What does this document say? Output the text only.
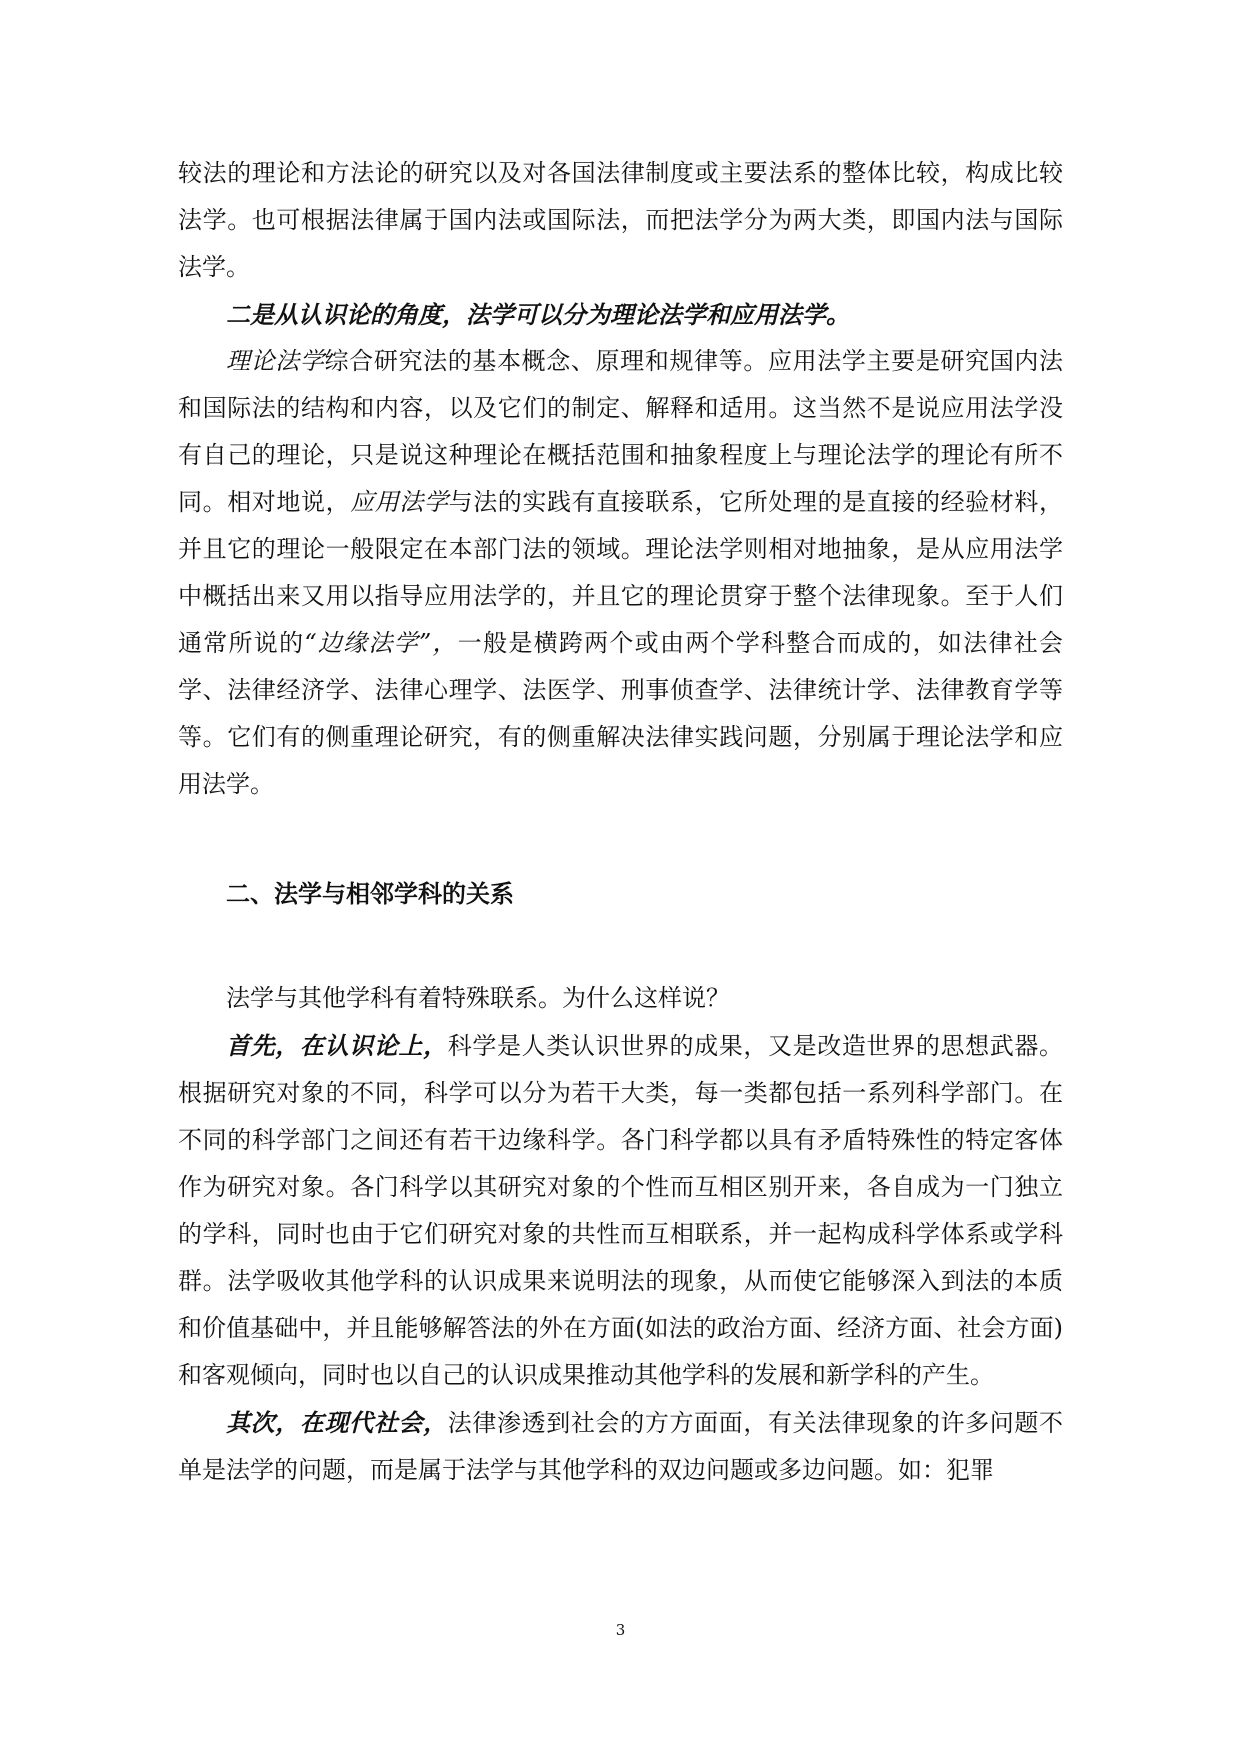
较法的理论和方法论的研究以及对各国法律制度或主要法系的整体比较，构成比较法学。也可根据法律属于国内法或国际法，而把法学分为两大类，即国内法与国际法学。

二是从认识论的角度，法学可以分为理论法学和应用法学。

理论法学综合研究法的基本概念、原理和规律等。应用法学主要是研究国内法和国际法的结构和内容，以及它们的制定、解释和适用。这当然不是说应用法学没有自己的理论，只是说这种理论在概括范围和抽象程度上与理论法学的理论有所不同。相对地说，应用法学与法的实践有直接联系，它所处理的是直接的经验材料，并且它的理论一般限定在本部门法的领域。理论法学则相对地抽象，是从应用法学中概括出来又用以指导应用法学的，并且它的理论贯穿于整个法律现象。至于人们通常所说的“边缘法学”，一般是横跨两个或由两个学科整合而成的，如法律社会学、法律经济学、法律心理学、法医学、刑事侦查学、法律统计学、法律教育学等等。它们有的侧重理论研究，有的侧重解决法律实践问题，分别属于理论法学和应用法学。

二、法学与相邻学科的关系

法学与其他学科有着特殊联系。为什么这样说？

首先，在认识论上，科学是人类认识世界的成果，又是改造世界的思想武器。根据研究对象的不同，科学可以分为若干大类，每一类都包括一系列科学部门。在不同的科学部门之间还有若干边缘科学。各门科学都以具有矛盾特殊性的特定客体作为研究对象。各门科学以其研究对象的个性而互相区别开来，各自成为一门独立的学科，同时也由于它们研究对象的共性而互相联系，并一起构成科学体系或学科群。法学吸收其他学科的认识成果来说明法的现象，从而使它能够深入到法的本质和价值基础中，并且能够解答法的外在方面(如法的政治方面、经济方面、社会方面)和客观倾向，同时也以自己的认识成果推动其他学科的发展和新学科的产生。

其次，在现代社会，法律渗透到社会的方方面面，有关法律现象的许多问题不单是法学的问题，而是属于法学与其他学科的双边问题或多边问题。如：犯罪

3
